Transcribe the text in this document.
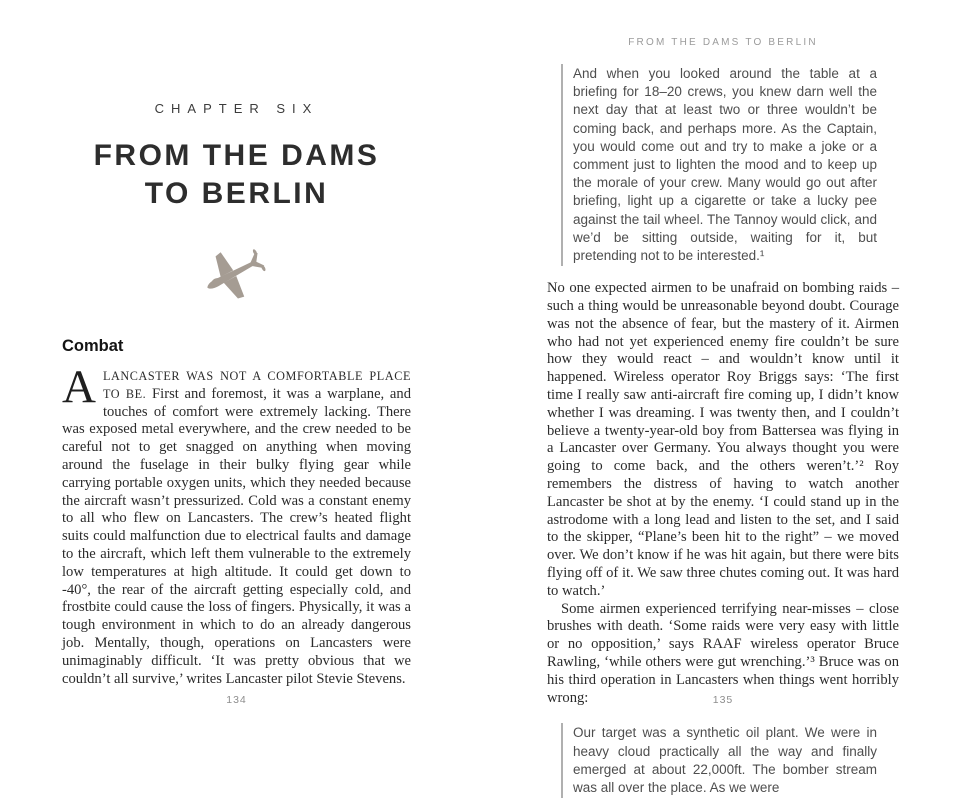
CHAPTER SIX
FROM THE DAMS
TO BERLIN
Combat

ALANCASTER WAS NOT A COMFORTABLE PLACE TO BE. First and foremost, it was a warplane, and touches of comfort were extremely lacking. There was exposed metal everywhere, and the crew needed to be careful not to get snagged on anything when moving around the fuselage in their bulky flying gear while carrying portable oxygen units, which they needed because the aircraft wasn’t pressurized. Cold was a constant enemy to all who flew on Lancasters. The crew’s heated flight suits could malfunction due to electrical faults and damage to the aircraft, which left them vulnerable to the extremely low temperatures at high altitude. It could get down to -40°, the rear of the aircraft getting especially cold, and frostbite could cause the loss of fingers. Physically, it was a tough environment in which to do an already dangerous job. Mentally, though, operations on Lancasters were unimaginably difficult. ‘It was pretty obvious that we couldn’t all survive,’ writes Lancaster pilot Stevie Stevens.

134
FROM THE DAMS TO BERLIN
And when you looked around the table at a briefing for 18–20 crews, you knew darn well the next day that at least two or three wouldn’t be coming back, and perhaps more. As the Captain, you would come out and try to make a joke or a comment just to lighten the mood and to keep up the morale of your crew. Many would go out after briefing, light up a cigarette or take a lucky pee against the tail wheel. The Tannoy would click, and we’d be sitting outside, waiting for it, but pretending not to be interested.¹

No one expected airmen to be unafraid on bombing raids – such a thing would be unreasonable beyond doubt. Courage was not the absence of fear, but the mastery of it. Airmen who had not yet experienced enemy fire couldn’t be sure how they would react – and wouldn’t know until it happened. Wireless operator Roy Briggs says: ‘The first time I really saw anti-aircraft fire coming up, I didn’t know whether I was dreaming. I was twenty then, and I couldn’t believe a twenty-year-old boy from Battersea was flying in a Lancaster over Germany. You always thought you were going to come back, and the others weren’t.’² Roy remembers the distress of having to watch another Lancaster be shot at by the enemy. ‘I could stand up in the astrodome with a long lead and listen to the set, and I said to the skipper, “Plane’s been hit to the right” – we moved over. We don’t know if he was hit again, but there were bits flying off of it. We saw three chutes coming out. It was hard to watch.’

Some airmen experienced terrifying near-misses – close brushes with death. ‘Some raids were very easy with little or no opposition,’ says RAAF wireless operator Bruce Rawling, ‘while others were gut wrenching.’³ Bruce was on his third operation in Lancasters when things went horribly wrong:

Our target was a synthetic oil plant. We were in heavy cloud practically all the way and finally emerged at about 22,000ft. The bomber stream was all over the place. As we were
135
